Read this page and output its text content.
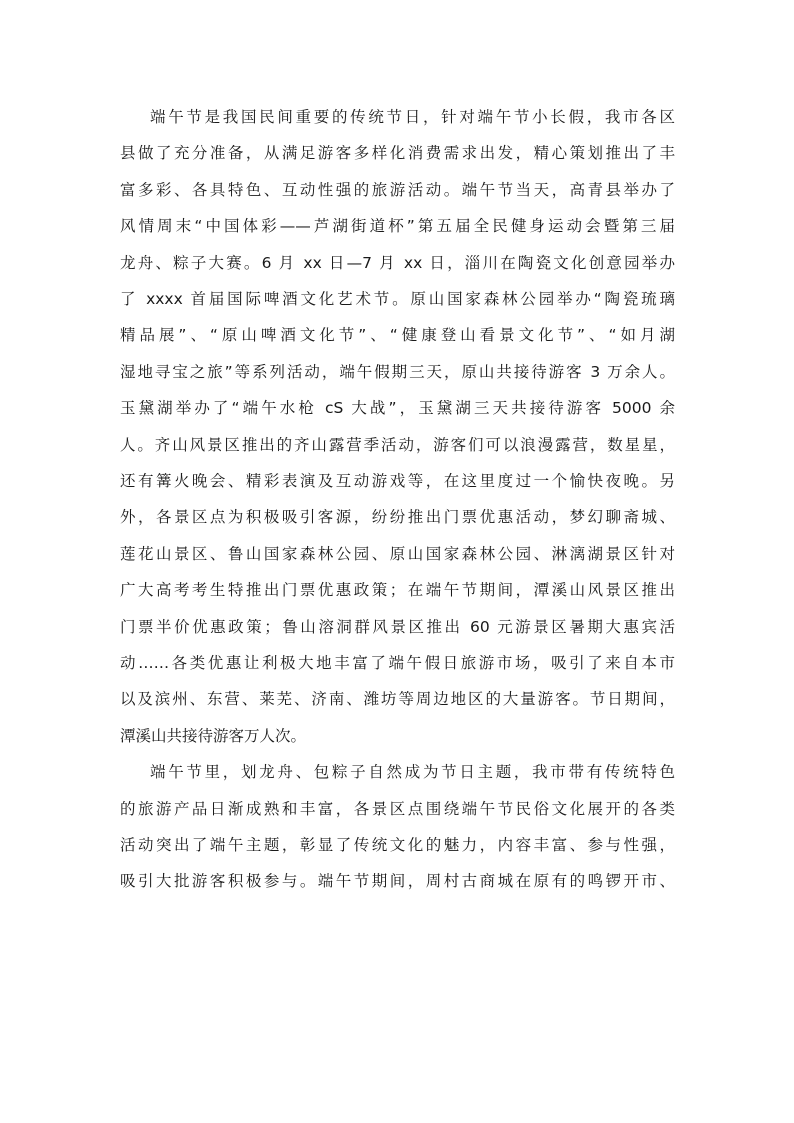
端午节是我国民间重要的传统节日，针对端午节小长假，我市各区
县做了充分准备，从满足游客多样化消费需求出发，精心策划推出了丰
富多彩、各具特色、互动性强的旅游活动。端午节当天，高青县举办了
风情周末“中国体彩——芦湖街道杯”第五届全民健身运动会暨第三届
龙舟、粽子大赛。6 月 xx 日—7 月 xx 日，淄川在陶瓷文化创意园举办
了 xxxx 首届国际啤酒文化艺术节。原山国家森林公园举办“陶瓷琉璃
精品展”、“原山啤酒文化节”、“健康登山看景文化节”、“如月湖
湿地寻宝之旅”等系列活动，端午假期三天，原山共接待游客 3 万余人。
玉黛湖举办了“端午水枪 cS 大战”，玉黛湖三天共接待游客 5000 余
人。齐山风景区推出的齐山露营季活动，游客们可以浪漫露营，数星星，
还有篝火晚会、精彩表演及互动游戏等，在这里度过一个愉快夜晚。另
外，各景区点为积极吸引客源，纷纷推出门票优惠活动，梦幻聊斋城、
莲花山景区、鲁山国家森林公园、原山国家森林公园、淋漓湖景区针对
广大高考考生特推出门票优惠政策；在端午节期间，潭溪山风景区推出
门票半价优惠政策；鲁山溶洞群风景区推出 60 元游景区暑期大惠宾活
动……各类优惠让利极大地丰富了端午假日旅游市场，吸引了来自本市
以及滨州、东营、莱芜、济南、潍坊等周边地区的大量游客。节日期间，
潭溪山共接待游客万人次。
端午节里，划龙舟、包粽子自然成为节日主题，我市带有传统特色
的旅游产品日渐成熟和丰富，各景区点围绕端午节民俗文化展开的各类
活动突出了端午主题，彰显了传统文化的魅力，内容丰富、参与性强，
吸引大批游客积极参与。端午节期间，周村古商城在原有的鸣锣开市、
